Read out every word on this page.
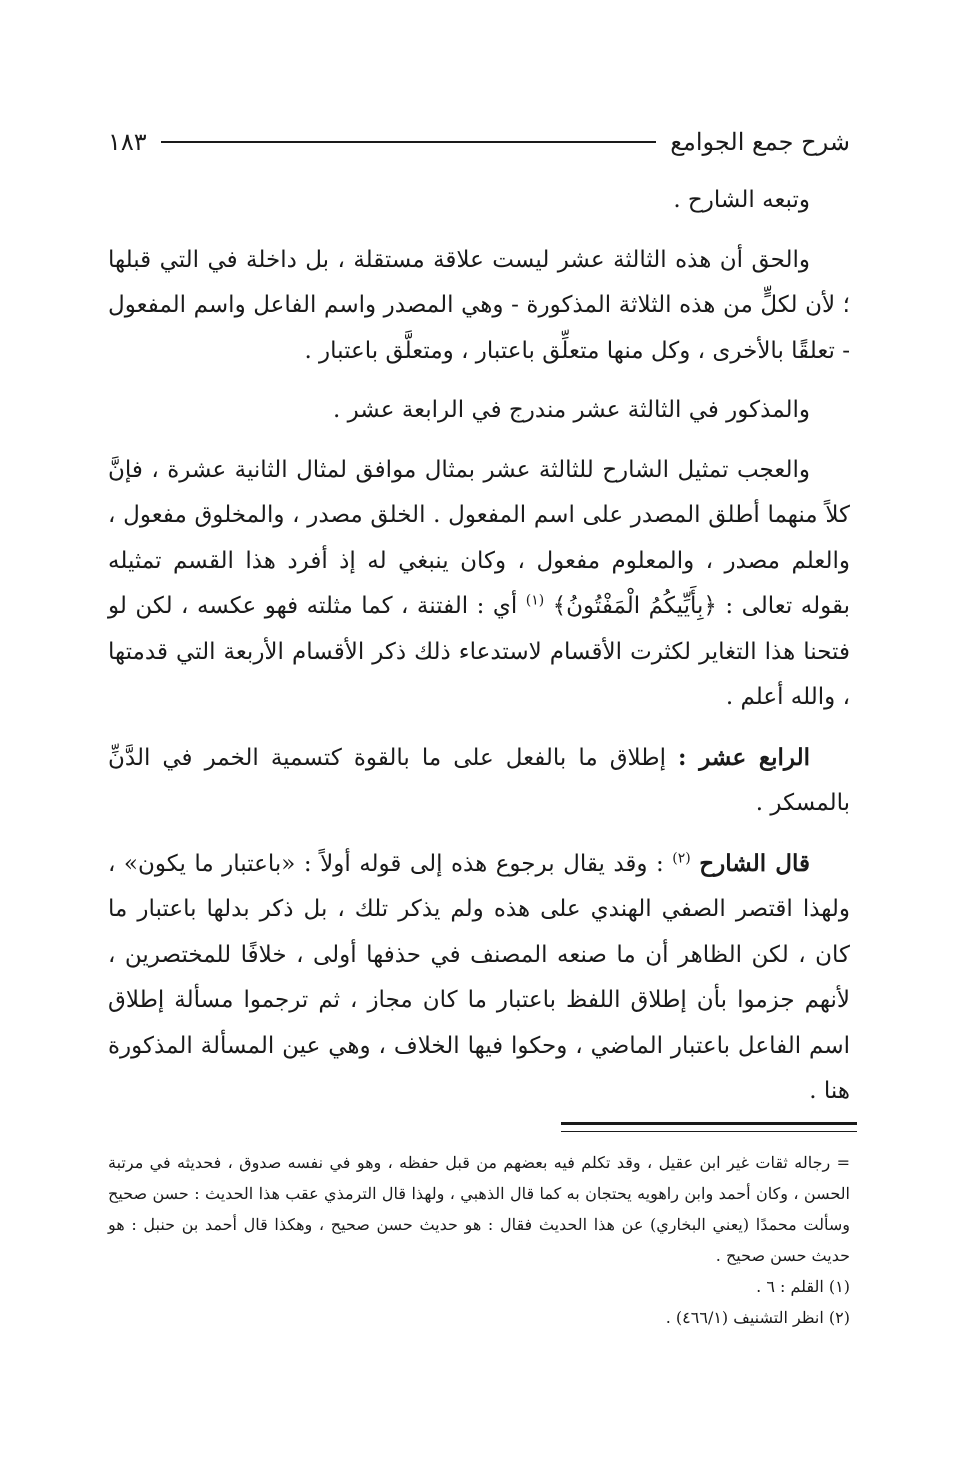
شرح جمع الجوامع
١٨٣

وتبعه الشارح .

والحق أن هذه الثالثة عشر ليست علاقة مستقلة ، بل داخلة في التي قبلها ؛ لأن لكلٍّ من هذه الثلاثة المذكورة - وهي المصدر واسم الفاعل واسم المفعول - تعلقًا بالأخرى ، وكل منها متعلِّق باعتبار ، ومتعلَّق باعتبار .

والمذكور في الثالثة عشر مندرج في الرابعة عشر .

والعجب تمثيل الشارح للثالثة عشر بمثال موافق لمثال الثانية عشرة ، فإنَّ كلاً منهما أطلق المصدر على اسم المفعول . الخلق مصدر ، والمخلوق مفعول ، والعلم مصدر ، والمعلوم مفعول ، وكان ينبغي له إذ أفرد هذا القسم تمثيله بقوله تعالى : ﴿بِأَيِّيكُمُ الْمَفْتُونُ﴾ $^{(١)}$ أي : الفتنة ، كما مثلته فهو عكسه ، لكن لو فتحنا هذا التغاير لكثرت الأقسام لاستدعاء ذلك ذكر الأقسام الأربعة التي قدمتها ، والله أعلم .

الرابع عشر : إطلاق ما بالفعل على ما بالقوة كتسمية الخمر في الدَّنِّ بالمسكر .

قال الشارح $^{(٢)}$ : وقد يقال برجوع هذه إلى قوله أولاً : «باعتبار ما يكون» ، ولهذا اقتصر الصفي الهندي على هذه ولم يذكر تلك ، بل ذكر بدلها باعتبار ما كان ، لكن الظاهر أن ما صنعه المصنف في حذفها أولى ، خلافًا للمختصرين ، لأنهم جزموا بأن إطلاق اللفظ باعتبار ما كان مجاز ، ثم ترجموا مسألة إطلاق اسم الفاعل باعتبار الماضي ، وحكوا فيها الخلاف ، وهي عين المسألة المذكورة هنا .

= رجاله ثقات غير ابن عقيل ، وقد تكلم فيه بعضهم من قبل حفظه ، وهو في نفسه صدوق ، فحديثه في مرتبة الحسن ، وكان أحمد وابن راهويه يحتجان به كما قال الذهبي ، ولهذا قال الترمذي عقب هذا الحديث : حسن صحيح وسألت محمدًا (يعني البخاري) عن هذا الحديث فقال : هو حديث حسن صحيح ، وهكذا قال أحمد بن حنبل : هو حديث حسن صحيح .

(١) القلم : ٦ .

(٢) انظر التشنيف (٤٦٦/١) .
